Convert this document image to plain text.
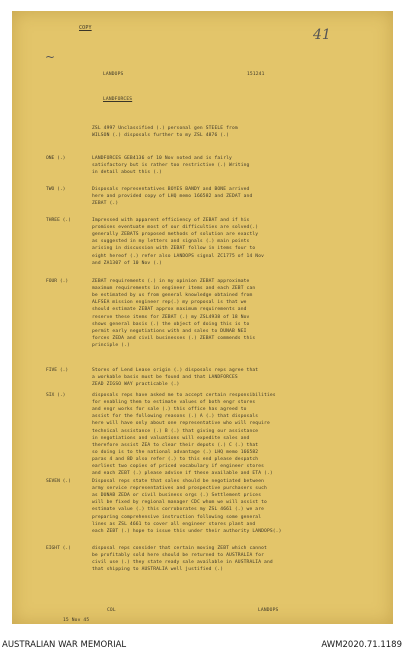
COPY	41
~
LANDOPS	151241
LANDFORCES
ZSL 4997 Unclassified (.) personal gen STEELE from
WILSON (.) disposals further to my ZSL 4876 (.)
ONE (.)	LANDFORCES GEB4136 of 10 Nov noted and is fairly
satisfactory but is rather too restrictive (.) Writing
in detail about this (.)
TWO (.)	Disposals representatives BOYES BANDY and BONE arrived
here and provided copy of LHQ memo 166582 and ZEDAT and
ZEBAT (.)
THREE (.)	Impressed with apparent efficiency of ZEBAT and if his
promises eventuate most of our difficulties are solved(.)
generally ZEBATS proposed methods of solution are exactly
as suggested in my letters and signals (.) main points
arising in discussion with ZEBAT follow in items four to
eight hereof (.) refer also LANDOPS signal ZC1775 of 14 Nov
and ZA1307 of 10 Nov (.)
FOUR (.)	ZEBAT requirements (.) in my opinion ZEBAT approximate
maximum requirements in engineer items and each ZEBT can
be estimated by us from general knowledge obtained from
ALFSEA mission engineer rep(.) my proposal is that we
should estimate ZEBAT approx maximum requirements and
reserve these items for ZEBAT (.) my ZSL4938 of 18 Nov
shows general basis (.) the object of doing this is to
permit early negotiations with and sales to DUNAB NEI
forces ZEDA and civil businesses (.) ZEBAT commends this
principle (.)
FIVE (.)	Stores of Lend Lease origin (.) disposals reps agree that
a workable basis must be found and that LANDFORCES
ZEAD ZIGSO WAY practicable (.)
SIX (.)	disposals reps have asked me to accept certain responsibilities
for enabling them to estimate values of both engr stores
and engr works for sale (.) this office has agreed to
assist for the following reasons (.) A (.) that disposals
here will have only about one representative who will require
technical assistance (.) B (.) that giving our assistance
in negotiations and valuations will expedite sales and
therefore assist ZEA to clear their depots (.) C (.) that
so doing is to the national advantage (.) LHQ memo 166582
paras 4 and 8D also refer (.) to this end please despatch
earliest two copies of priced vocabulary if engineer stores
and each ZEBT (.) please advise if these available and ETA (.)
SEVEN (.)	Disposal reps state that sales should be negotiated between
army service representatives and prospective purchasers such
as DUNAB ZEDA or civil business orgs (.) Settlement prices
will be fixed by regional manager CDC whom we will assist to
estimate value (.) this corroborates my ZSL 4661 (.) we are
preparing comprehensive instruction following some general
lines as ZSL 4661 to cover all engineer stores plant and
each ZEBT (.) hope to issue this under their authority LANDOPS(.)
EIGHT (.)	disposal reps consider that certain moving ZEBT which cannot
be profitably sold here should be returned to AUSTRALIA for
civil use (.) they state ready sale available in AUSTRALIA and
that shipping to AUSTRALIA well justified (.)
COL	LANDOPS
15 Nov 45
AUSTRALIAN WAR MEMORIAL	AWM2020.71.1189
